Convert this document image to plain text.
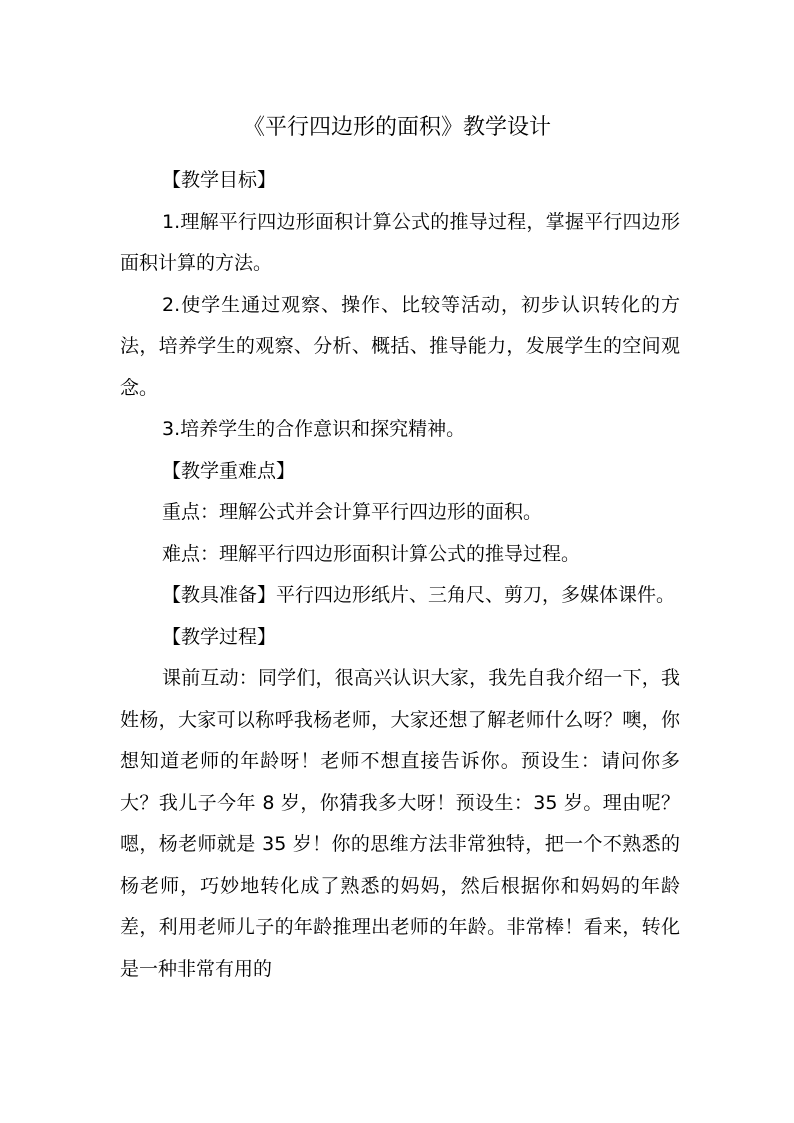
《平行四边形的面积》教学设计

【教学目标】

1.理解平行四边形面积计算公式的推导过程，掌握平行四边形面积计算的方法。

2.使学生通过观察、操作、比较等活动，初步认识转化的方法，培养学生的观察、分析、概括、推导能力，发展学生的空间观念。

3.培养学生的合作意识和探究精神。

【教学重难点】

重点：理解公式并会计算平行四边形的面积。

难点：理解平行四边形面积计算公式的推导过程。

【教具准备】平行四边形纸片、三角尺、剪刀，多媒体课件。

【教学过程】

课前互动：同学们，很高兴认识大家，我先自我介绍一下，我姓杨，大家可以称呼我杨老师，大家还想了解老师什么呀？噢，你想知道老师的年龄呀！老师不想直接告诉你。预设生：请问你多大？我儿子今年 8 岁，你猜我多大呀！预设生：35 岁。理由呢？嗯，杨老师就是 35 岁！你的思维方法非常独特，把一个不熟悉的杨老师，巧妙地转化成了熟悉的妈妈，然后根据你和妈妈的年龄差，利用老师儿子的年龄推理出老师的年龄。非常棒！看来，转化是一种非常有用的
